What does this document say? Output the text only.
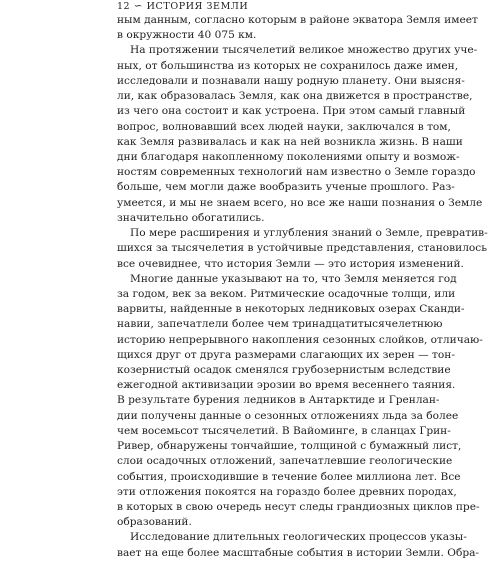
12 ∽ ИСТОРИЯ ЗЕМЛИ

ным данным, согласно которым в районе экватора Земля имеет
в окружности 40 075 км.

На протяжении тысячелетий великое множество других уче-
ных, от большинства из которых не сохранилось даже имен,
исследовали и познавали нашу родную планету. Они выясня-
ли, как образовалась Земля, как она движется в пространстве,
из чего она состоит и как устроена. При этом самый главный
вопрос, волновавший всех людей науки, заключался в том,
как Земля развивалась и как на ней возникла жизнь. В наши
дни благодаря накопленному поколениями опыту и возмож-
ностям современных технологий нам известно о Земле гораздо
больше, чем могли даже вообразить ученые прошлого. Раз-
умеется, и мы не знаем всего, но все же наши познания о Земле
значительно обогатились.

По мере расширения и углубления знаний о Земле, превратив-
шихся за тысячелетия в устойчивые представления, становилось
все очевиднее, что история Земли — это история изменений.

Многие данные указывают на то, что Земля меняется год
за годом, век за веком. Ритмические осадочные толщи, или
варвиты, найденные в некоторых ледниковых озерах Сканди-
навии, запечатлели более чем тринадцатитысячелетнюю
историю непрерывного накопления сезонных слойков, отличаю-
щихся друг от друга размерами слагающих их зерен — тон-
козернистый осадок сменялся грубозернистым вследствие
ежегодной активизации эрозии во время весеннего таяния.
В результате бурения ледников в Антарктиде и Гренлан-
дии получены данные о сезонных отложениях льда за более
чем восемьсот тысячелетий. В Вайоминге, в сланцах Грин-
Ривер, обнаружены тончайшие, толщиной с бумажный лист,
слои осадочных отложений, запечатлевшие геологические
события, происходившие в течение более миллиона лет. Все
эти отложения покоятся на гораздо более древних породах,
в которых в свою очередь несут следы грандиозных циклов пре-
образований.

Исследование длительных геологических процессов указы-
вает на еще более масштабные события в истории Земли. Обра-
